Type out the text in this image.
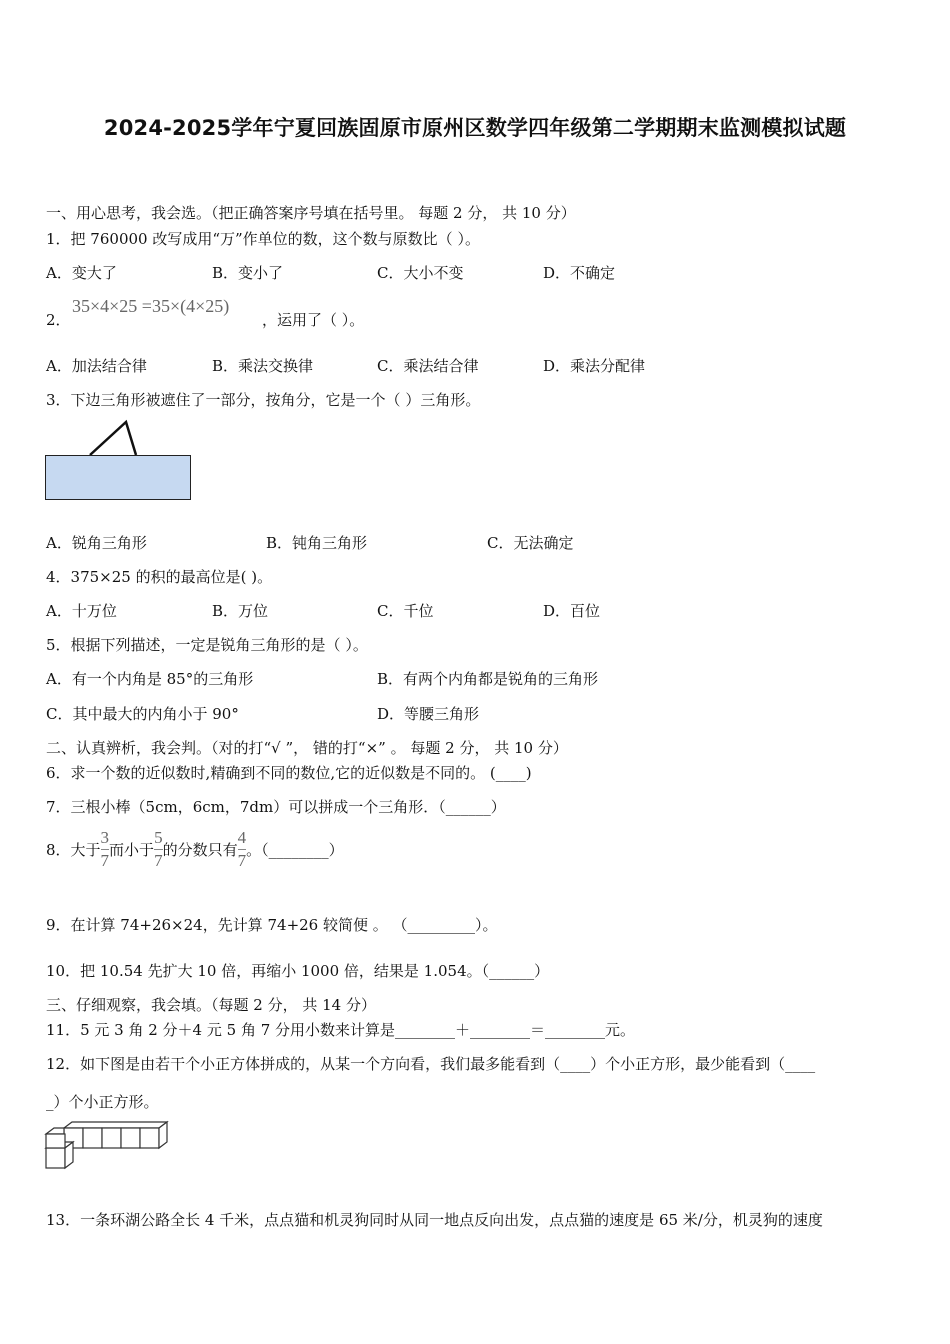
2024-2025学年宁夏回族固原市原州区数学四年级第二学期期末监测模拟试题
一、用心思考，我会选。（把正确答案序号填在括号里。 每题 2 分， 共 10 分）
1．把 760000 改写成用“万”作单位的数，这个数与原数比（ ）。
A．变大了	B．变小了	C．大小不变	D．不确定
2．
35×4×25 =35×(4×25)
，运用了（ ）。
A．加法结合律	B．乘法交换律	C．乘法结合律	D．乘法分配律
3．下边三角形被遮住了一部分，按角分，它是一个（ ）三角形。
A．锐角三角形	B．钝角三角形	C．无法确定
4．375×25 的积的最高位是( )。
A．十万位	B．万位	C．千位	D．百位
5．根据下列描述，一定是锐角三角形的是（ ）。
A．有一个内角是 85°的三角形	B．有两个内角都是锐角的三角形
C．其中最大的内角小于 90°	D．等腰三角形
二、认真辨析，我会判。（对的打“√ ”， 错的打“×” 。 每题 2 分， 共 10 分）
6．求一个数的近似数时,精确到不同的数位,它的近似数是不同的。 (____)
7．三根小棒（5cm，6cm，7dm）可以拼成一个三角形．（______）
8．大于 $\frac{3}{7}$ 而小于 $\frac{5}{7}$ 的分数只有 $\frac{4}{7}$ 。（________）
9．在计算 74+26×24，先计算 74+26 较简便 。 （_________）。
10．把 10.54 先扩大 10 倍，再缩小 1000 倍，结果是 1.054。（______）
三、仔细观察，我会填。（每题 2 分， 共 14 分）
11．5 元 3 角 2 分＋4 元 5 角 7 分用小数来计算是________＋________＝________元。
12．如下图是由若干个小正方体拼成的，从某一个方向看，我们最多能看到（____）个小正方形，最少能看到（____
_）个小正方形。
13．一条环湖公路全长 4 千米，点点猫和机灵狗同时从同一地点反向出发，点点猫的速度是 65 米/分，机灵狗的速度
